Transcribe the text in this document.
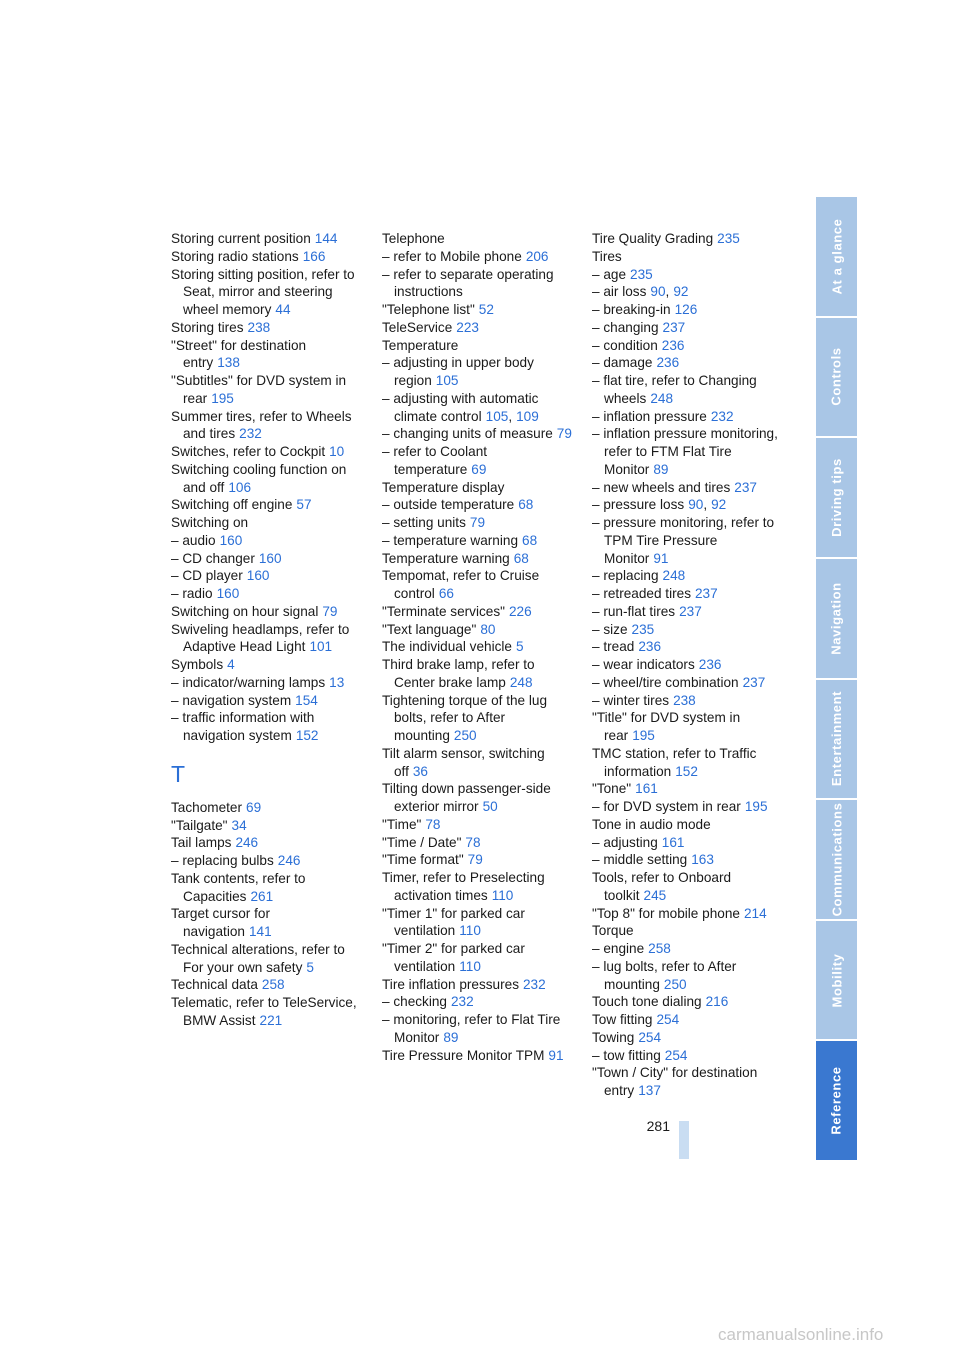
Storing current position 144
Storing radio stations 166
Storing sitting position, refer to Seat, mirror and steering wheel memory 44
Storing tires 238
"Street" for destination entry 138
"Subtitles" for DVD system in rear 195
Summer tires, refer to Wheels and tires 232
Switches, refer to Cockpit 10
Switching cooling function on and off 106
Switching off engine 57
Switching on
– audio 160
– CD changer 160
– CD player 160
– radio 160
Switching on hour signal 79
Swiveling headlamps, refer to Adaptive Head Light 101
Symbols 4
– indicator/warning lamps 13
– navigation system 154
– traffic information with navigation system 152
T
Tachometer 69
"Tailgate" 34
Tail lamps 246
– replacing bulbs 246
Tank contents, refer to Capacities 261
Target cursor for navigation 141
Technical alterations, refer to For your own safety 5
Technical data 258
Telematic, refer to TeleService, BMW Assist 221
Telephone
– refer to Mobile phone 206
– refer to separate operating instructions
"Telephone list" 52
TeleService 223
Temperature
– adjusting in upper body region 105
– adjusting with automatic climate control 105, 109
– changing units of measure 79
– refer to Coolant temperature 69
Temperature display
– outside temperature 68
– setting units 79
– temperature warning 68
Temperature warning 68
Tempomat, refer to Cruise control 66
"Terminate services" 226
"Text language" 80
The individual vehicle 5
Third brake lamp, refer to Center brake lamp 248
Tightening torque of the lug bolts, refer to After mounting 250
Tilt alarm sensor, switching off 36
Tilting down passenger-side exterior mirror 50
"Time" 78
"Time / Date" 78
"Time format" 79
Timer, refer to Preselecting activation times 110
"Timer 1" for parked car ventilation 110
"Timer 2" for parked car ventilation 110
Tire inflation pressures 232
– checking 232
– monitoring, refer to Flat Tire Monitor 89
Tire Pressure Monitor TPM 91
Tire Quality Grading 235
Tires
– age 235
– air loss 90, 92
– breaking-in 126
– changing 237
– condition 236
– damage 236
– flat tire, refer to Changing wheels 248
– inflation pressure 232
– inflation pressure monitoring, refer to FTM Flat Tire Monitor 89
– new wheels and tires 237
– pressure loss 90, 92
– pressure monitoring, refer to TPM Tire Pressure Monitor 91
– replacing 248
– retreaded tires 237
– run-flat tires 237
– size 235
– tread 236
– wear indicators 236
– wheel/tire combination 237
– winter tires 238
"Title" for DVD system in rear 195
TMC station, refer to Traffic information 152
"Tone" 161
– for DVD system in rear 195
Tone in audio mode
– adjusting 161
– middle setting 163
Tools, refer to Onboard toolkit 245
"Top 8" for mobile phone 214
Torque
– engine 258
– lug bolts, refer to After mounting 250
Touch tone dialing 216
Tow fitting 254
Towing 254
– tow fitting 254
"Town / City" for destination entry 137
At a glance
Controls
Driving tips
Navigation
Entertainment
Communications
Mobility
Reference
281
carmanualsonline.info
